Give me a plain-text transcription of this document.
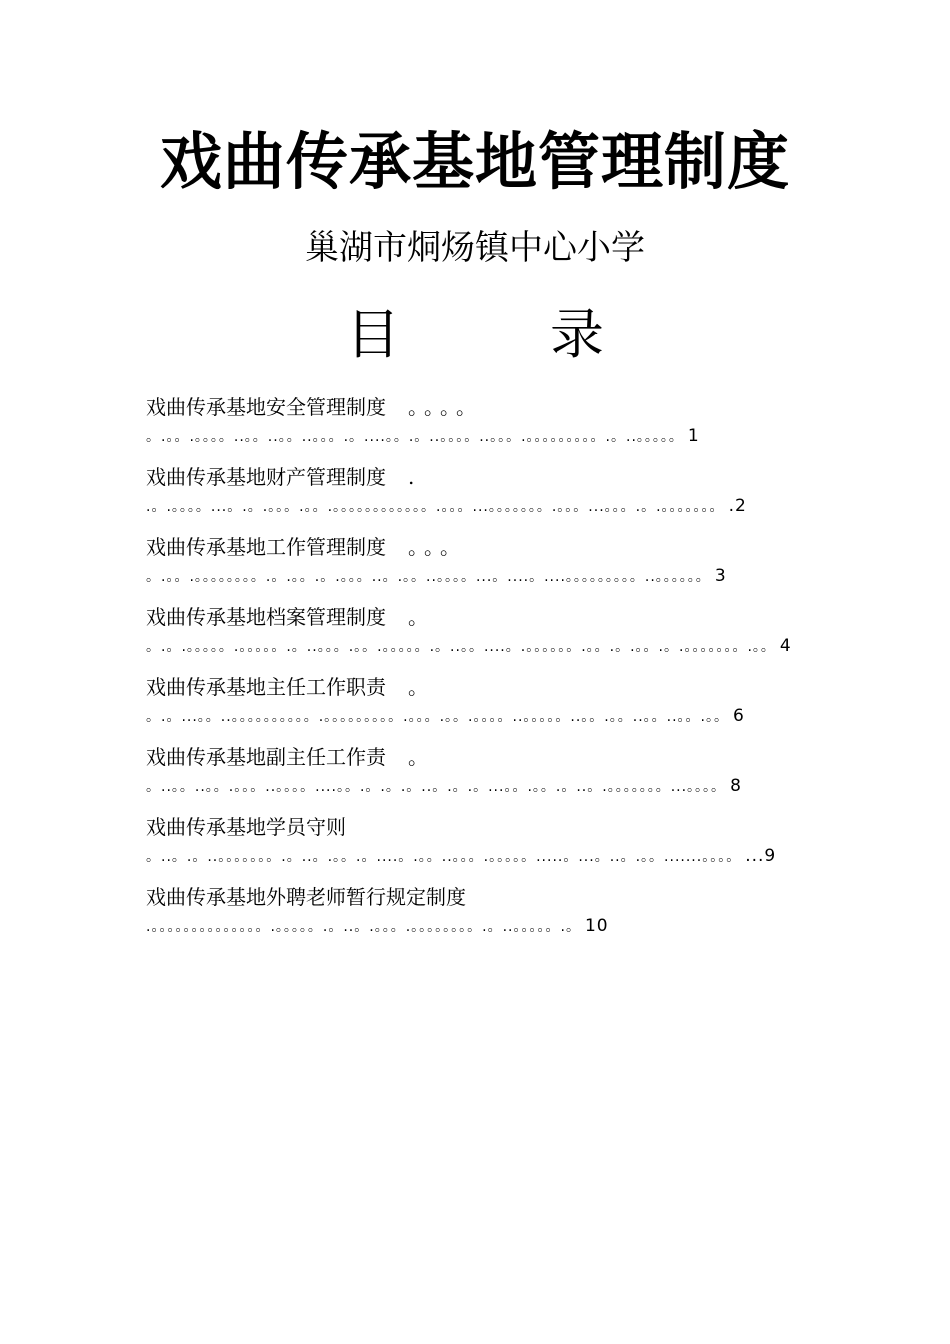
戏曲传承基地管理制度
巢湖市烔炀镇中心小学
目	录
戏曲传承基地安全管理制度 。。。。
。.。。.。。。。..。。..。。..。。。.。....。。.。..。。。。..。。。.。。。。。。。。。.。..。。。。。 1
戏曲传承基地财产管理制度 .
.。.。。。。...。.。.。。。.。。.。。。。。。。。。。。。.。。。...。。。。。。。.。。。...。。。.。.。。。。。。。 .2
戏曲传承基地工作管理制度 。。。
。.。。.。。。。。。。。.。.。。.。.。。。..。.。。..。。。。...。....。....。。。。。。。。。..。。。。。。 3
戏曲传承基地档案管理制度 。
。.。.。。。。。.。。。。。.。..。。。.。。.。。。。。.。..。。....。.。。。。。。.。。.。.。。.。.。。。。。。。.。。 4
戏曲传承基地主任工作职责 。
。.。...。。..。。。。。。。。。。.。。。。。。。。。.。。。.。。.。。。。..。。。。。..。。.。。..。。..。。.。。 6
戏曲传承基地副主任工作责 。
。..。。..。。.。。。..。。。。....。。.。.。.。..。.。.。...。。.。。.。..。.。。。。。。。...。。。。 8
戏曲传承基地学员守则
。..。.。..。。。。。。。.。..。.。。.。....。.。。..。。。.。。。。。.....。...。..。.。。.......。。。。 ...9
戏曲传承基地外聘老师暂行规定制度
.。。。。。。。。。。。。。。.。。。。。.。..。.。。。.。。。。。。。。.。..。。。。。.。 10
